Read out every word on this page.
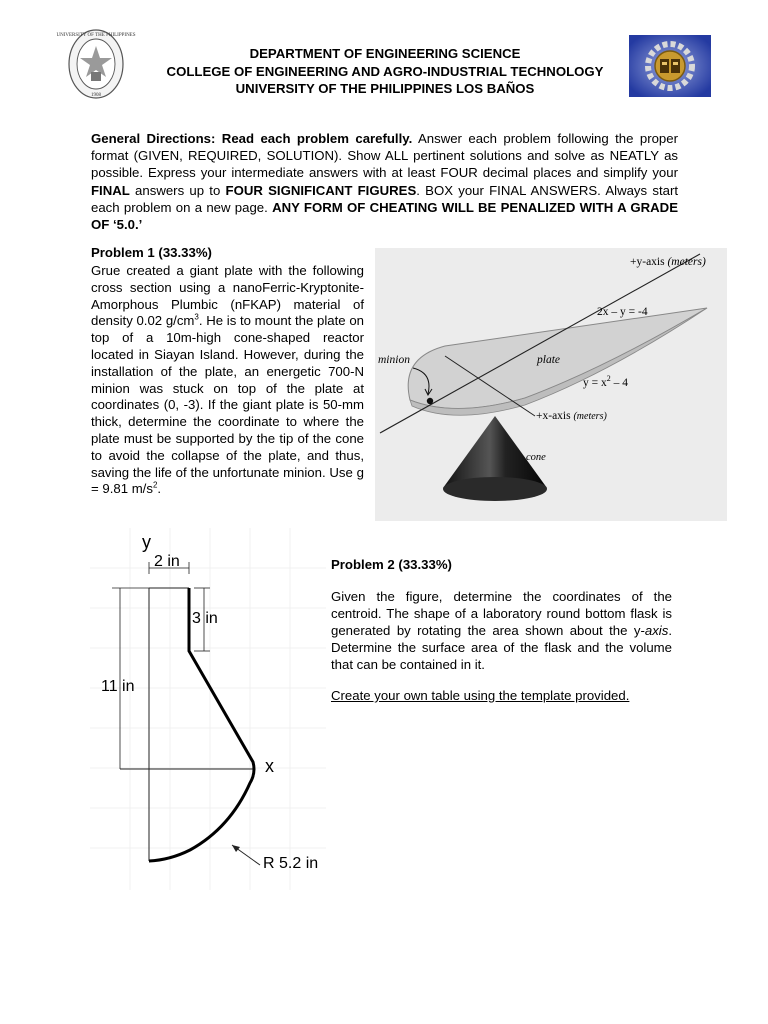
UNIVERSITY OF THE PHILIPPINES
1908
DEPARTMENT OF ENGINEERING SCIENCE
COLLEGE OF ENGINEERING AND AGRO-INDUSTRIAL TECHNOLOGY
UNIVERSITY OF THE PHILIPPINES LOS BAÑOS
General Directions: Read each problem carefully. Answer each problem following the proper format (GIVEN, REQUIRED, SOLUTION). Show ALL pertinent solutions and solve as NEATLY as possible. Express your intermediate answers with at least FOUR decimal places and simplify your FINAL answers up to FOUR SIGNIFICANT FIGURES. BOX your FINAL ANSWERS. Always start each problem on a new page. ANY FORM OF CHEATING WILL BE PENALIZED WITH A GRADE OF ‘5.0.’
Problem 1 (33.33%)
Grue created a giant plate with the following cross section using a nanoFerric-Kryptonite-Amorphous Plumbic (nFKAP) material of density 0.02 $g/cm^3$. He is to mount the plate on top of a 10m-high cone-shaped reactor located in Siayan Island. However, during the installation of the plate, an energetic 700-N minion was stuck on top of the plate at coordinates (0, -3). If the giant plate is 50-mm thick, determine the coordinate to where the plate must be supported by the tip of the cone to avoid the collapse of the plate, and thus, saving the life of the unfortunate minion. Use g = 9.81 $m/s^2$.
+y-axis (meters)
2x – y = -4
minion	plate
$y = x^2 - 4$
+x-axis (meters)
cone
y
2 in
3 in
11 in
x
R 5.2 in
Problem 2 (33.33%)
Given the figure, determine the coordinates of the centroid. The shape of a laboratory round bottom flask is generated by rotating the area shown about the y-axis. Determine the surface area of the flask and the volume that can be contained in it.
Create your own table using the template provided.
